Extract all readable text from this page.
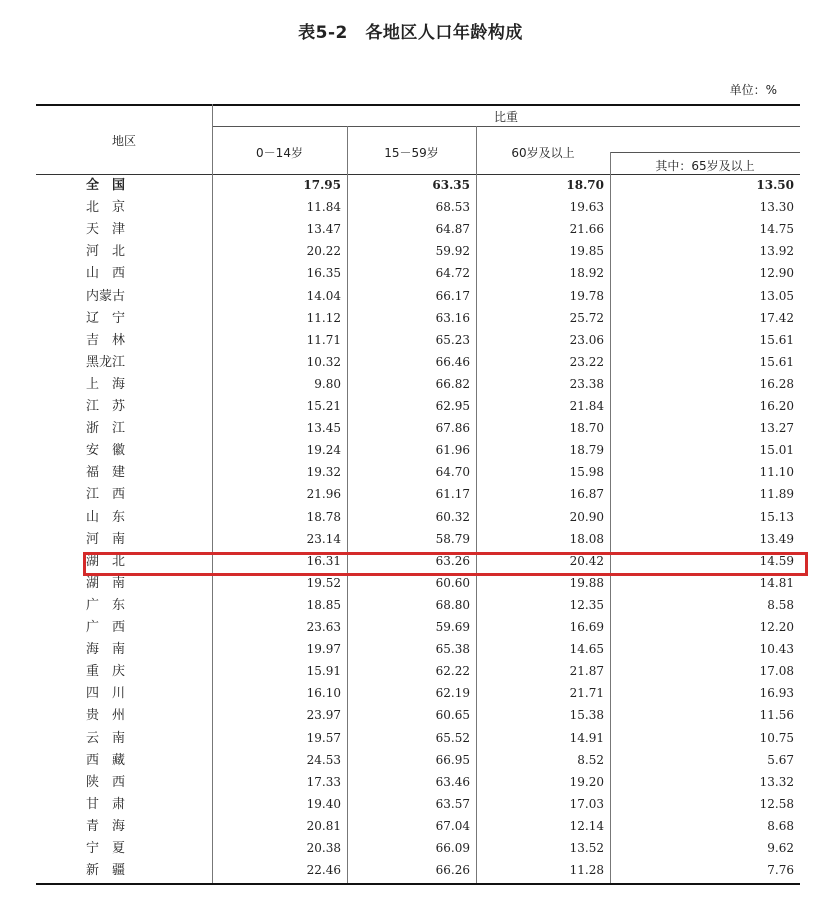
表5-2　各地区人口年龄构成
单位：%
地区
比重
0－14岁	15－59岁	60岁及以上
其中：65岁及以上
全　国	17.95	63.35	18.70	13.50
北　京	11.84	68.53	19.63	13.30
天　津	13.47	64.87	21.66	14.75
河　北	20.22	59.92	19.85	13.92
山　西	16.35	64.72	18.92	12.90
内蒙古	14.04	66.17	19.78	13.05
辽　宁	11.12	63.16	25.72	17.42
吉　林	11.71	65.23	23.06	15.61
黑龙江	10.32	66.46	23.22	15.61
上　海	9.80	66.82	23.38	16.28
江　苏	15.21	62.95	21.84	16.20
浙　江	13.45	67.86	18.70	13.27
安　徽	19.24	61.96	18.79	15.01
福　建	19.32	64.70	15.98	11.10
江　西	21.96	61.17	16.87	11.89
山　东	18.78	60.32	20.90	15.13
河　南	23.14	58.79	18.08	13.49
湖　北	16.31	63.26	20.42	14.59
湖　南	19.52	60.60	19.88	14.81
广　东	18.85	68.80	12.35	8.58
广　西	23.63	59.69	16.69	12.20
海　南	19.97	65.38	14.65	10.43
重　庆	15.91	62.22	21.87	17.08
四　川	16.10	62.19	21.71	16.93
贵　州	23.97	60.65	15.38	11.56
云　南	19.57	65.52	14.91	10.75
西　藏	24.53	66.95	8.52	5.67
陕　西	17.33	63.46	19.20	13.32
甘　肃	19.40	63.57	17.03	12.58
青　海	20.81	67.04	12.14	8.68
宁　夏	20.38	66.09	13.52	9.62
新　疆	22.46	66.26	11.28	7.76
